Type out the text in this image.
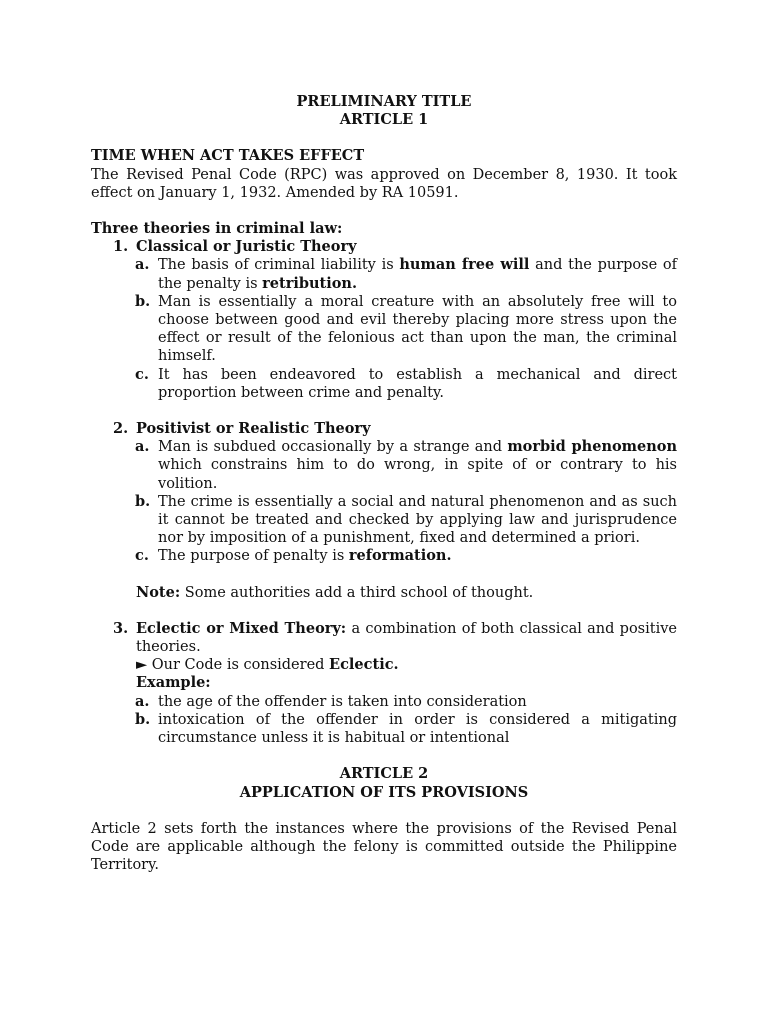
PRELIMINARY TITLE
ARTICLE 1
TIME WHEN ACT TAKES EFFECT
The Revised Penal Code (RPC) was approved on December 8, 1930. It took effect on January 1, 1932. Amended by RA 10591.
Three theories in criminal law:
1. Classical or Juristic Theory
a. The basis of criminal liability is human free will and the purpose of the penalty is retribution.
b. Man is essentially a moral creature with an absolutely free will to choose between good and evil thereby placing more stress upon the effect or result of the felonious act than upon the man, the criminal himself.
c. It has been endeavored to establish a mechanical and direct proportion between crime and penalty.
2. Positivist or Realistic Theory
a. Man is subdued occasionally by a strange and morbid phenomenon which constrains him to do wrong, in spite of or contrary to his volition.
b. The crime is essentially a social and natural phenomenon and as such it cannot be treated and checked by applying law and jurisprudence nor by imposition of a punishment, fixed and determined a priori.
c. The purpose of penalty is reformation.
Note: Some authorities add a third school of thought.
3. Eclectic or Mixed Theory: a combination of both classical and positive theories.
► Our Code is considered Eclectic.
Example:
a. the age of the offender is taken into consideration
b. intoxication of the offender in order is considered a mitigating circumstance unless it is habitual or intentional
ARTICLE 2
APPLICATION OF ITS PROVISIONS
Article 2 sets forth the instances where the provisions of the Revised Penal Code are applicable although the felony is committed outside the Philippine Territory.
